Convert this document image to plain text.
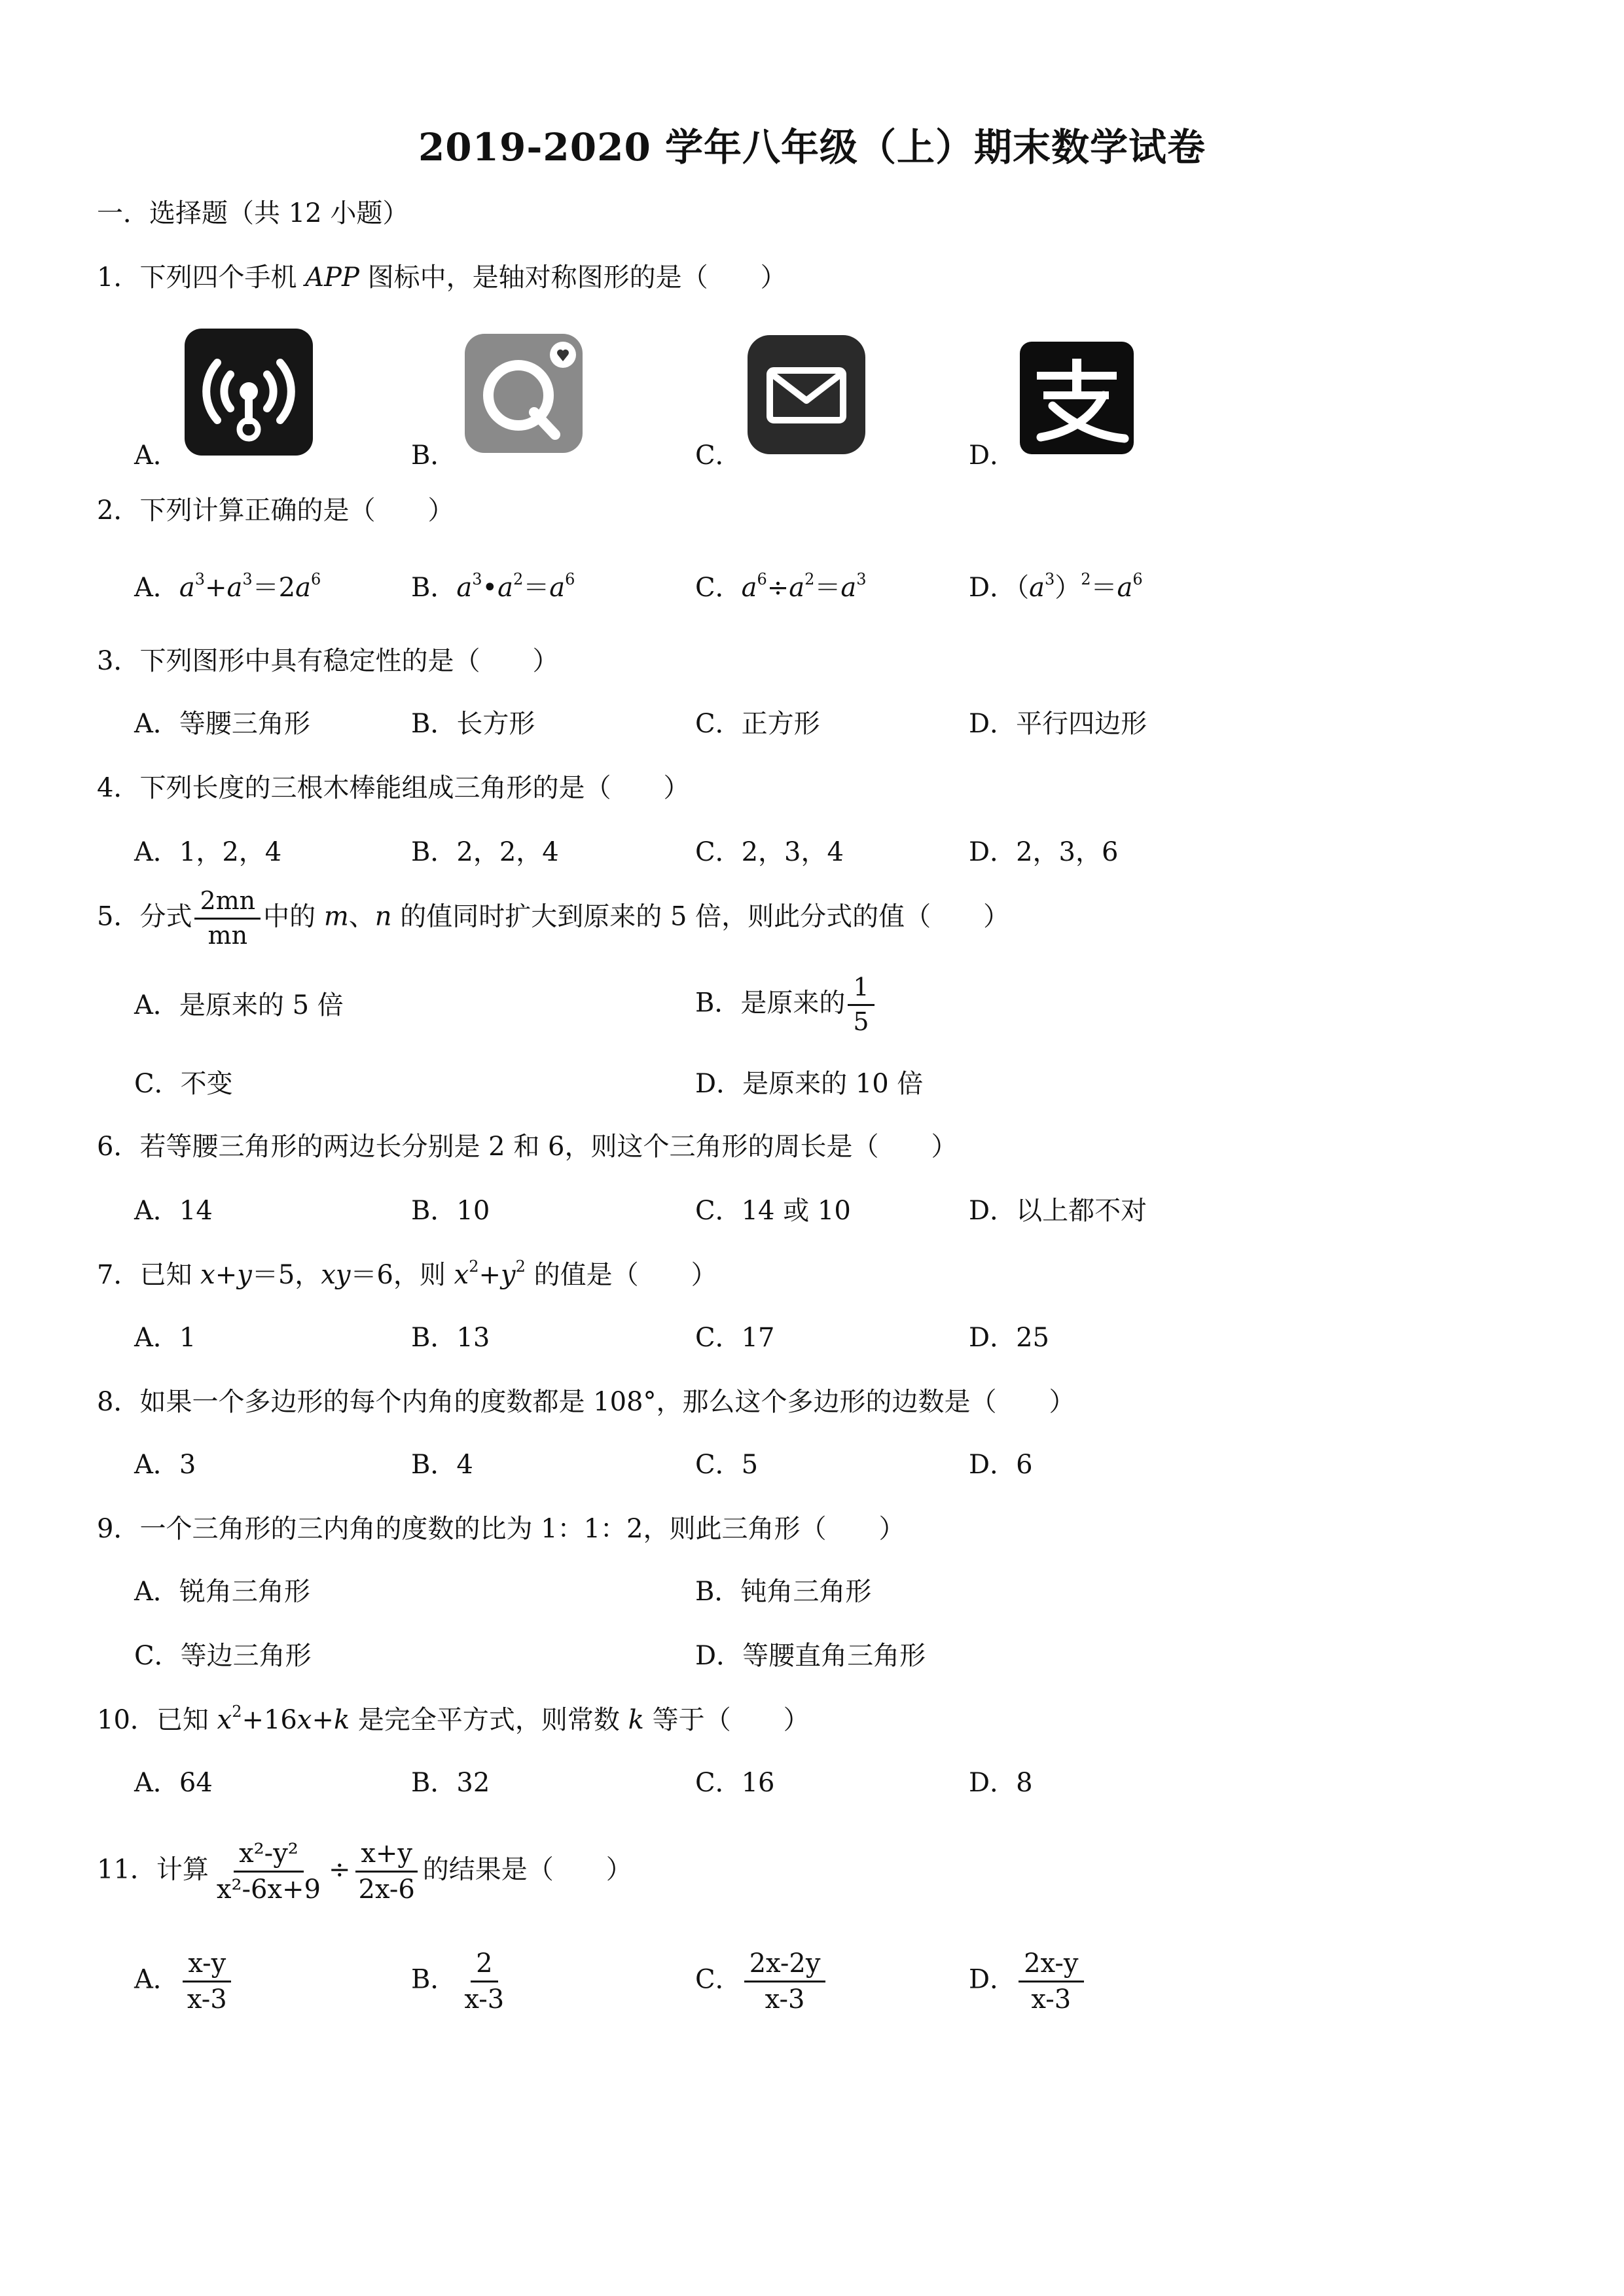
2019-2020 学年八年级（上）期末数学试卷
一．选择题（共 12 小题）
1．下列四个手机 APP 图标中，是轴对称图形的是（　　）
A．	B．	C．	D．
2．下列计算正确的是（　　）
A．$a^3+a^3=2a^6$	B．$a^3•a^2=a^6$	C．$a^6\div a^2=a^3$	D．$(a^3)^2=a^6$
3．下列图形中具有稳定性的是（　　）
A．等腰三角形	B．长方形	C．正方形	D．平行四边形
4．下列长度的三根木棒能组成三角形的是（　　）
A．1，2，4	B．2，2，4	C．2，3，4	D．2，3，6
5．分式 $\frac{2mn}{mn}$ 中的 m、n 的值同时扩大到原来的 5 倍，则此分式的值（　　）
A．是原来的 5 倍	B．是原来的 $\frac{1}{5}$
C．不变	D．是原来的 10 倍
6．若等腰三角形的两边长分别是 2 和 6，则这个三角形的周长是（　　）
A．14	B．10	C．14 或 10	D．以上都不对
7．已知 x+y＝5，xy＝6，则 $x^2+y^2$ 的值是（　　）
A．1	B．13	C．17	D．25
8．如果一个多边形的每个内角的度数都是 108°，那么这个多边形的边数是（　　）
A．3	B．4	C．5	D．6
9．一个三角形的三内角的度数的比为 1：1：2，则此三角形（　　）
A．锐角三角形	B．钝角三角形
C．等边三角形	D．等腰直角三角形
10．已知 $x^2+16x+k$ 是完全平方式，则常数 k 等于（　　）
A．64	B．32	C．16	D．8
11．计算 $\frac{\text{x²-y²}}{\text{x²-6x+9}} \div \frac{x+y}{2x-6}$ 的结果是（　　）
A． $\frac{x-y}{x-3}$	B． $\frac{2}{x-3}$	C． $\frac{2x-2y}{x-3}$	D． $\frac{2x-y}{x-3}$
